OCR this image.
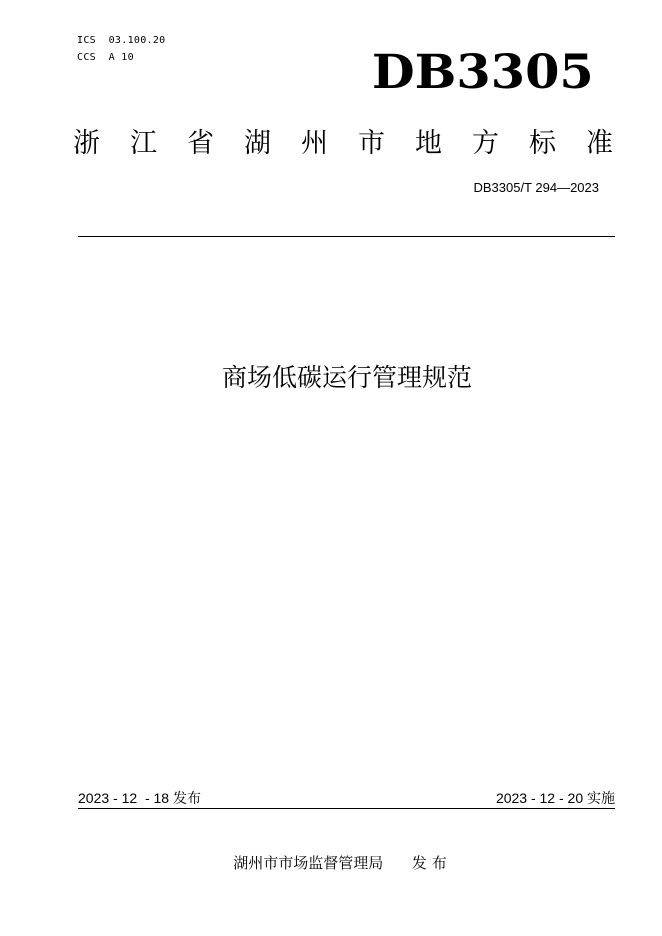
ICS  03.100.20
CCS  A 10	DB3305
浙 江 省 湖 州 市 地 方 标 准
DB3305/T 294—2023
商场低碳运行管理规范
2023 - 12  - 18 发布	2023 - 12 - 20 实施
湖州市市场监督管理局 发 布
